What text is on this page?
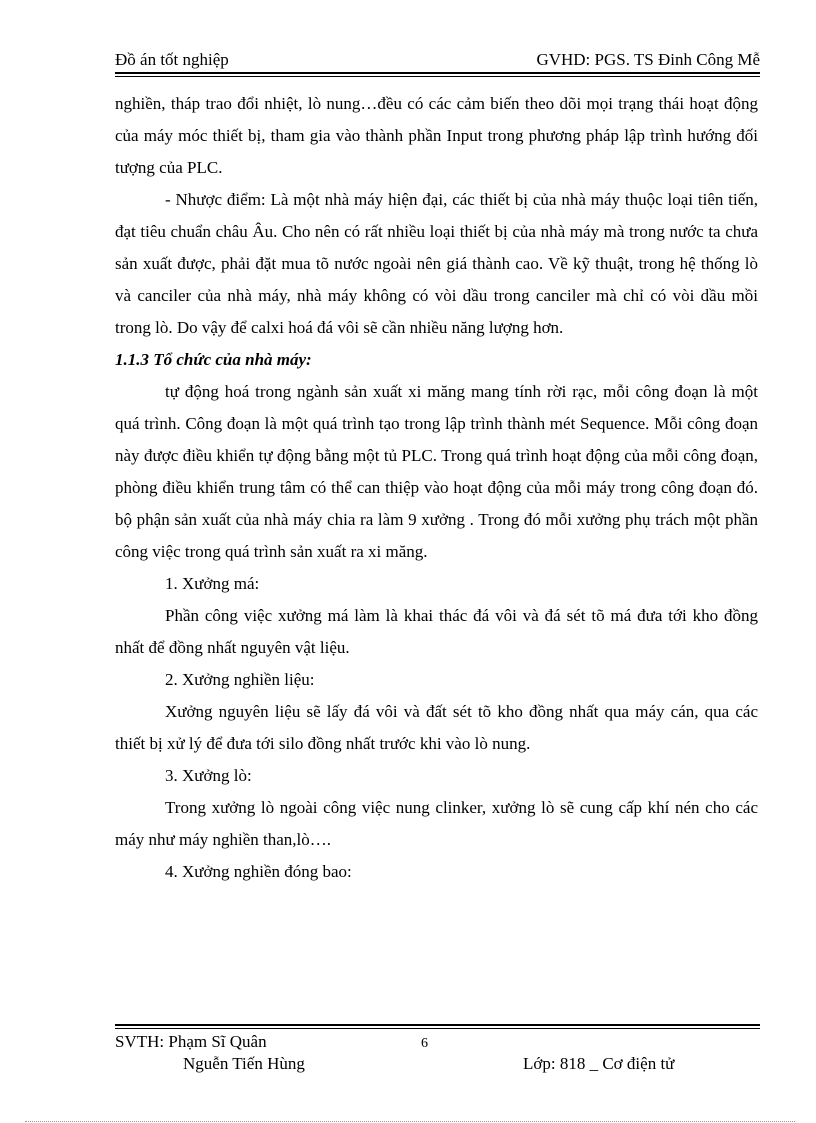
Đồ án tốt nghiệp	GVHD: PGS. TS Đinh Công Mễ

nghiền, tháp trao đổi nhiệt, lò nung…đều có các cảm biến theo dõi mọi trạng thái hoạt động của máy móc thiết bị, tham gia vào thành phần Input trong phương pháp lập trình hướng đối tượng của PLC.

- Nhược điểm: Là một nhà máy hiện đại, các thiết bị của nhà máy thuộc loại tiên tiến, đạt tiêu chuẩn châu Âu. Cho nên có rất nhiều loại thiết bị của nhà máy mà trong nước ta chưa sản xuất được, phải đặt mua tõ nước ngoài nên giá thành cao. Về kỹ thuật, trong hệ thống lò và canciler của nhà máy, nhà máy không có vòi dầu trong canciler mà chỉ có vòi dầu mồi trong lò. Do vậy để calxi hoá đá vôi sẽ cần nhiều năng lượng hơn.

1.1.3 Tổ chức của nhà máy:

tự động hoá trong ngành sản xuất xi măng mang tính rời rạc, mỗi công đoạn là một quá trình. Công đoạn là một quá trình tạo trong lập trình thành mét Sequence. Mỗi công đoạn này được điều khiển tự động bằng một tủ PLC. Trong quá trình hoạt động của mỗi công đoạn, phòng điều khiển trung tâm có thể can thiệp vào hoạt động của mỗi máy trong công đoạn đó. bộ phận sản xuất của nhà máy chia ra làm 9 xưởng . Trong đó mỗi xưởng phụ trách một phần công việc trong quá trình sản xuất ra xi măng.

1. Xưởng má:

Phần công việc xưởng má làm là khai thác đá vôi và đá sét tõ má đưa tới kho đồng nhất để đồng nhất nguyên vật liệu.

2. Xưởng nghiền liệu:

Xưởng nguyên liệu sẽ lấy đá vôi và đất sét tõ kho đồng nhất qua máy cán, qua các thiết bị xử lý để đưa tới silo đồng nhất trước khi vào lò nung.

3. Xưởng lò:

Trong xưởng lò ngoài công việc nung clinker, xưởng lò sẽ cung cấp khí nén cho các máy như máy nghiền than,lò….

4. Xưởng nghiền đóng bao:

SVTH: Phạm Sĩ Quân
Nguễn Tiến Hùng
6
Lớp: 818 _ Cơ điện tử
